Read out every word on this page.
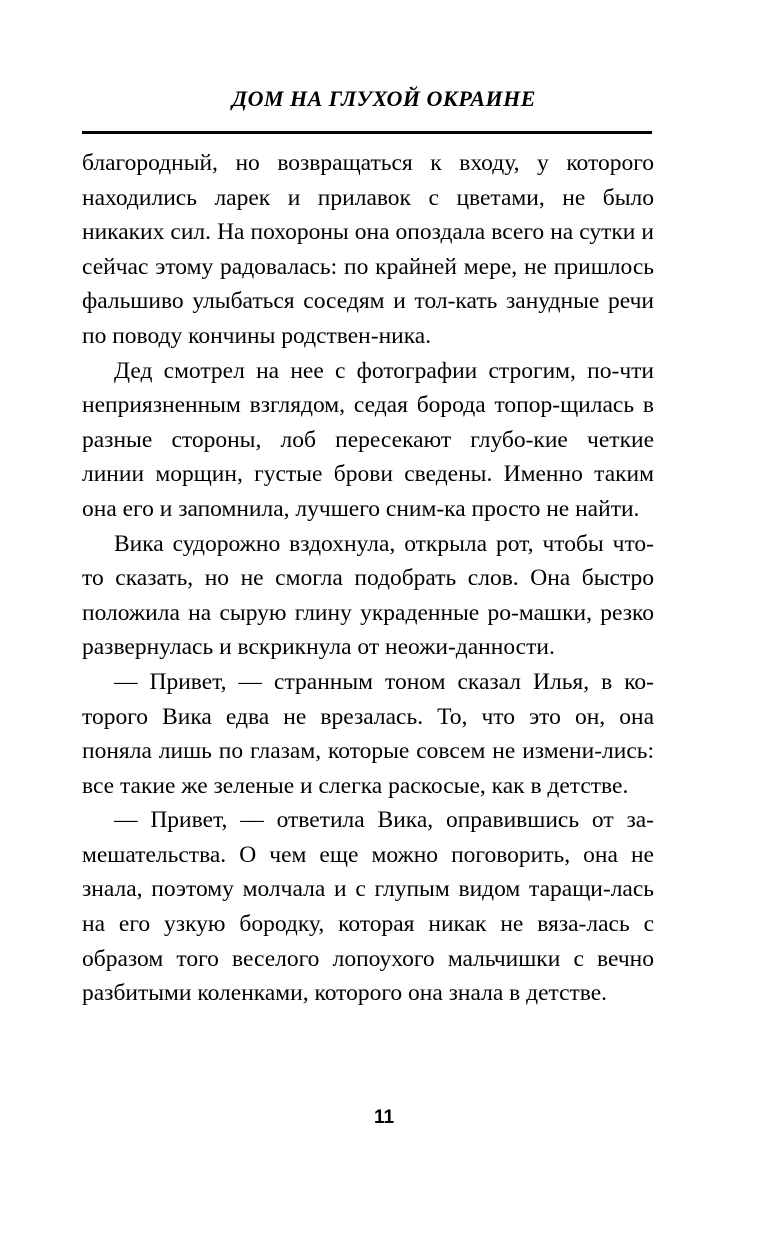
ДОМ НА ГЛУХОЙ ОКРАИНЕ

благородный, но возвращаться к входу, у которого находились ларек и прилавок с цветами, не было никаких сил. На похороны она опоздала всего на сутки и сейчас этому радовалась: по крайней мере, не пришлось фальшиво улыбаться соседям и тол-кать занудные речи по поводу кончины родствен-ника.

Дед смотрел на нее с фотографии строгим, по-чти неприязненным взглядом, седая борода топор-щилась в разные стороны, лоб пересекают глубо-кие четкие линии морщин, густые брови сведены. Именно таким она его и запомнила, лучшего сним-ка просто не найти.

Вика судорожно вздохнула, открыла рот, чтобы что-то сказать, но не смогла подобрать слов. Она быстро положила на сырую глину украденные ро-машки, резко развернулась и вскрикнула от неожи-данности.

— Привет, — странным тоном сказал Илья, в ко-торого Вика едва не врезалась. То, что это он, она поняла лишь по глазам, которые совсем не измени-лись: все такие же зеленые и слегка раскосые, как в детстве.

— Привет, — ответила Вика, оправившись от за-мешательства. О чем еще можно поговорить, она не знала, поэтому молчала и с глупым видом таращи-лась на его узкую бородку, которая никак не вяза-лась с образом того веселого лопоухого мальчишки с вечно разбитыми коленками, которого она знала в детстве.

11
